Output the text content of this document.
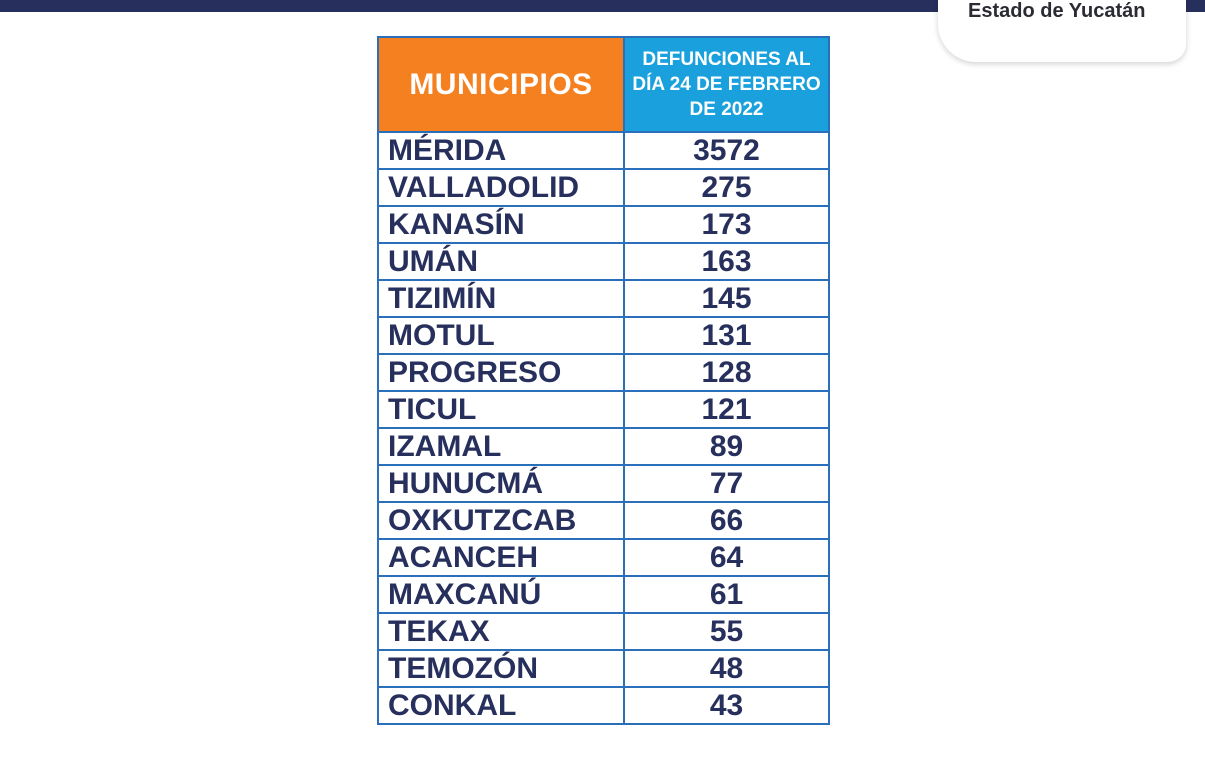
Estado de Yucatán
MUNICIPIOS	DEFUNCIONES AL DÍA 24 DE FEBRERO DE 2022
MÉRIDA	3572
VALLADOLID	275
KANASÍN	173
UMÁN	163
TIZIMÍN	145
MOTUL	131
PROGRESO	128
TICUL	121
IZAMAL	89
HUNUCMÁ	77
OXKUTZCAB	66
ACANCEH	64
MAXCANÚ	61
TEKAX	55
TEMOZÓN	48
CONKAL	43
